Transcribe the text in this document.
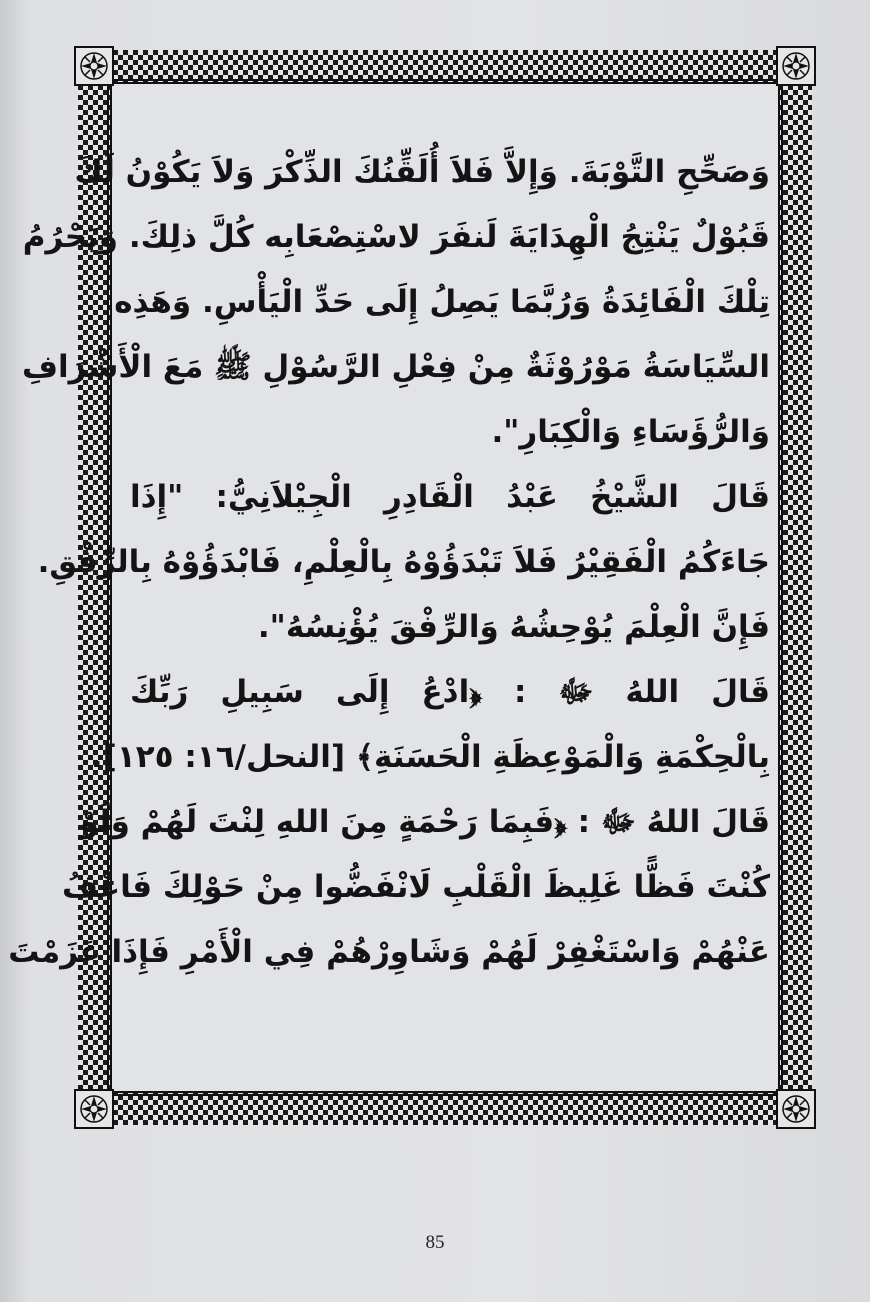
وَصَحِّحِ التَّوْبَةَ. وَإِلاَّ فَلاَ أُلَقِّنُكَ الذِّكْرَ وَلاَ يَكُوْنُ لَكَ
قَبُوْلٌ يَنْتِجُ الْهِدَايَةَ لَنفَرَ لاسْتِصْعَابِه كُلَّ ذلِكَ. وَيَحْرُمُ
تِلْكَ الْفَائِدَةُ وَرُبَّمَا يَصِلُ إِلَى حَدِّ الْيَأْسِ. وَهَذِه
السِّيَاسَةُ مَوْرُوْثَةٌ مِنْ فِعْلِ الرَّسُوْلِ ﷺ مَعَ الْأَشْرَافِ
وَالرُّؤَسَاءِ وَالْكِبَارِ".
قَالَ الشَّيْخُ عَبْدُ الْقَادِرِ الْجِيْلاَنِيُّ: "إِذَا
جَاءَكُمُ الْفَقِيْرُ فَلاَ تَبْدَؤُوْهُ بِالْعِلْمِ، فَابْدَؤُوْهُ بِالرِّفْقِ.
فَإِنَّ الْعِلْمَ يُوْحِشُهُ وَالرِّفْقَ يُؤْنِسُهُ".
قَالَ اللهُ ﷻ : ﴿ادْعُ إِلَى سَبِيلِ رَبِّكَ
بِالْحِكْمَةِ وَالْمَوْعِظَةِ الْحَسَنَةِ﴾ [النحل/١٦: ١٢٥].
قَالَ اللهُ ﷻ : ﴿فَبِمَا رَحْمَةٍ مِنَ اللهِ لِنْتَ لَهُمْ وَلَوْ
كُنْتَ فَظًّا غَلِيظَ الْقَلْبِ لَانْفَضُّوا مِنْ حَوْلِكَ فَاعْفُ
عَنْهُمْ وَاسْتَغْفِرْ لَهُمْ وَشَاوِرْهُمْ فِي الْأَمْرِ فَإِذَا عَزَمْتَ
85
